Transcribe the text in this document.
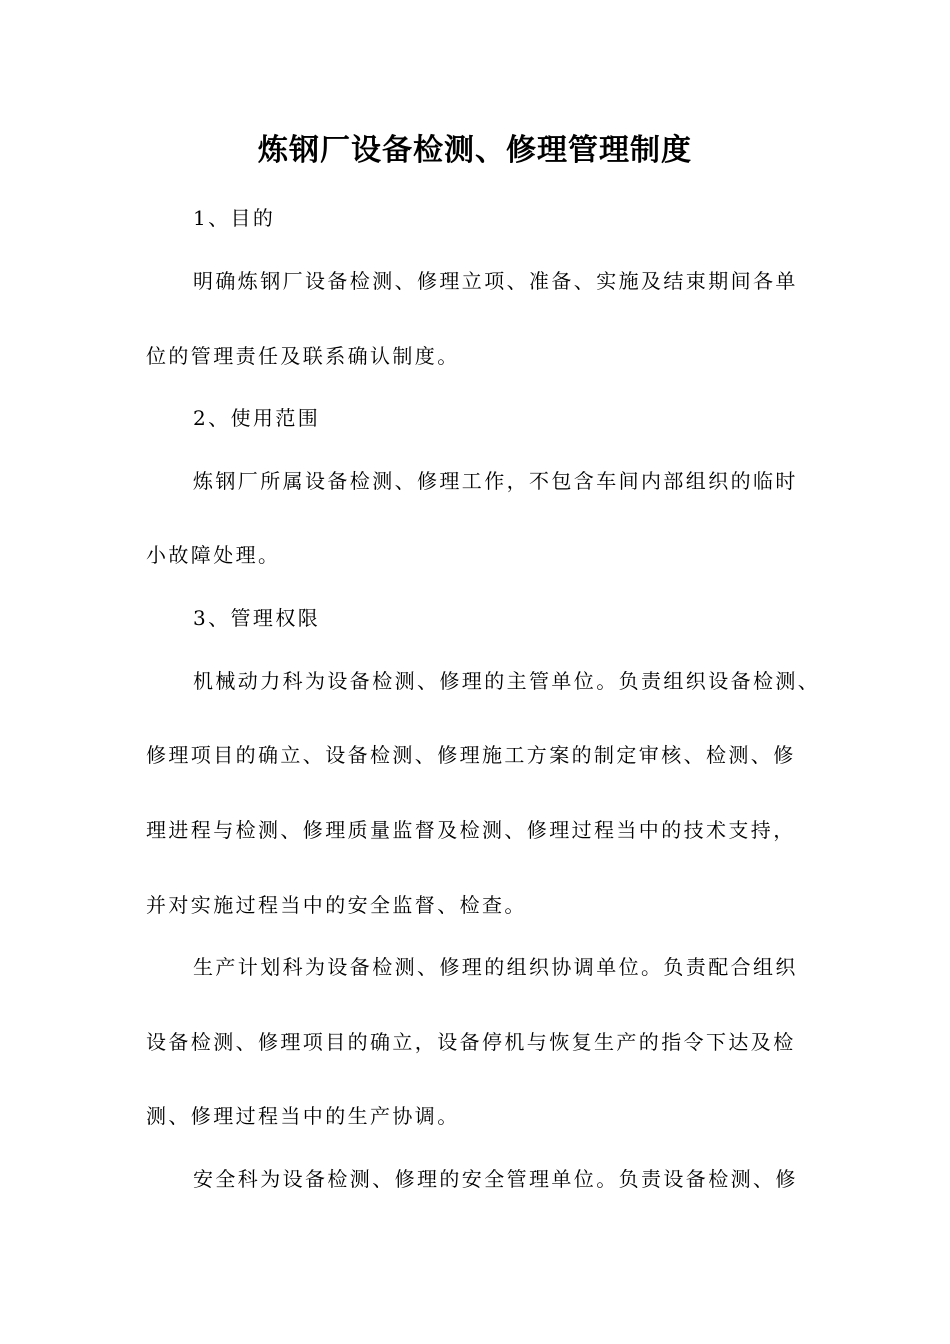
炼钢厂设备检测、修理管理制度
1、目的
明确炼钢厂设备检测、修理立项、准备、实施及结束期间各单
位的管理责任及联系确认制度。
2、使用范围
炼钢厂所属设备检测、修理工作，不包含车间内部组织的临时
小故障处理。
3、管理权限
机械动力科为设备检测、修理的主管单位。负责组织设备检测、
修理项目的确立、设备检测、修理施工方案的制定审核、检测、修
理进程与检测、修理质量监督及检测、修理过程当中的技术支持，
并对实施过程当中的安全监督、检查。
生产计划科为设备检测、修理的组织协调单位。负责配合组织
设备检测、修理项目的确立，设备停机与恢复生产的指令下达及检
测、修理过程当中的生产协调。
安全科为设备检测、修理的安全管理单位。负责设备检测、修
